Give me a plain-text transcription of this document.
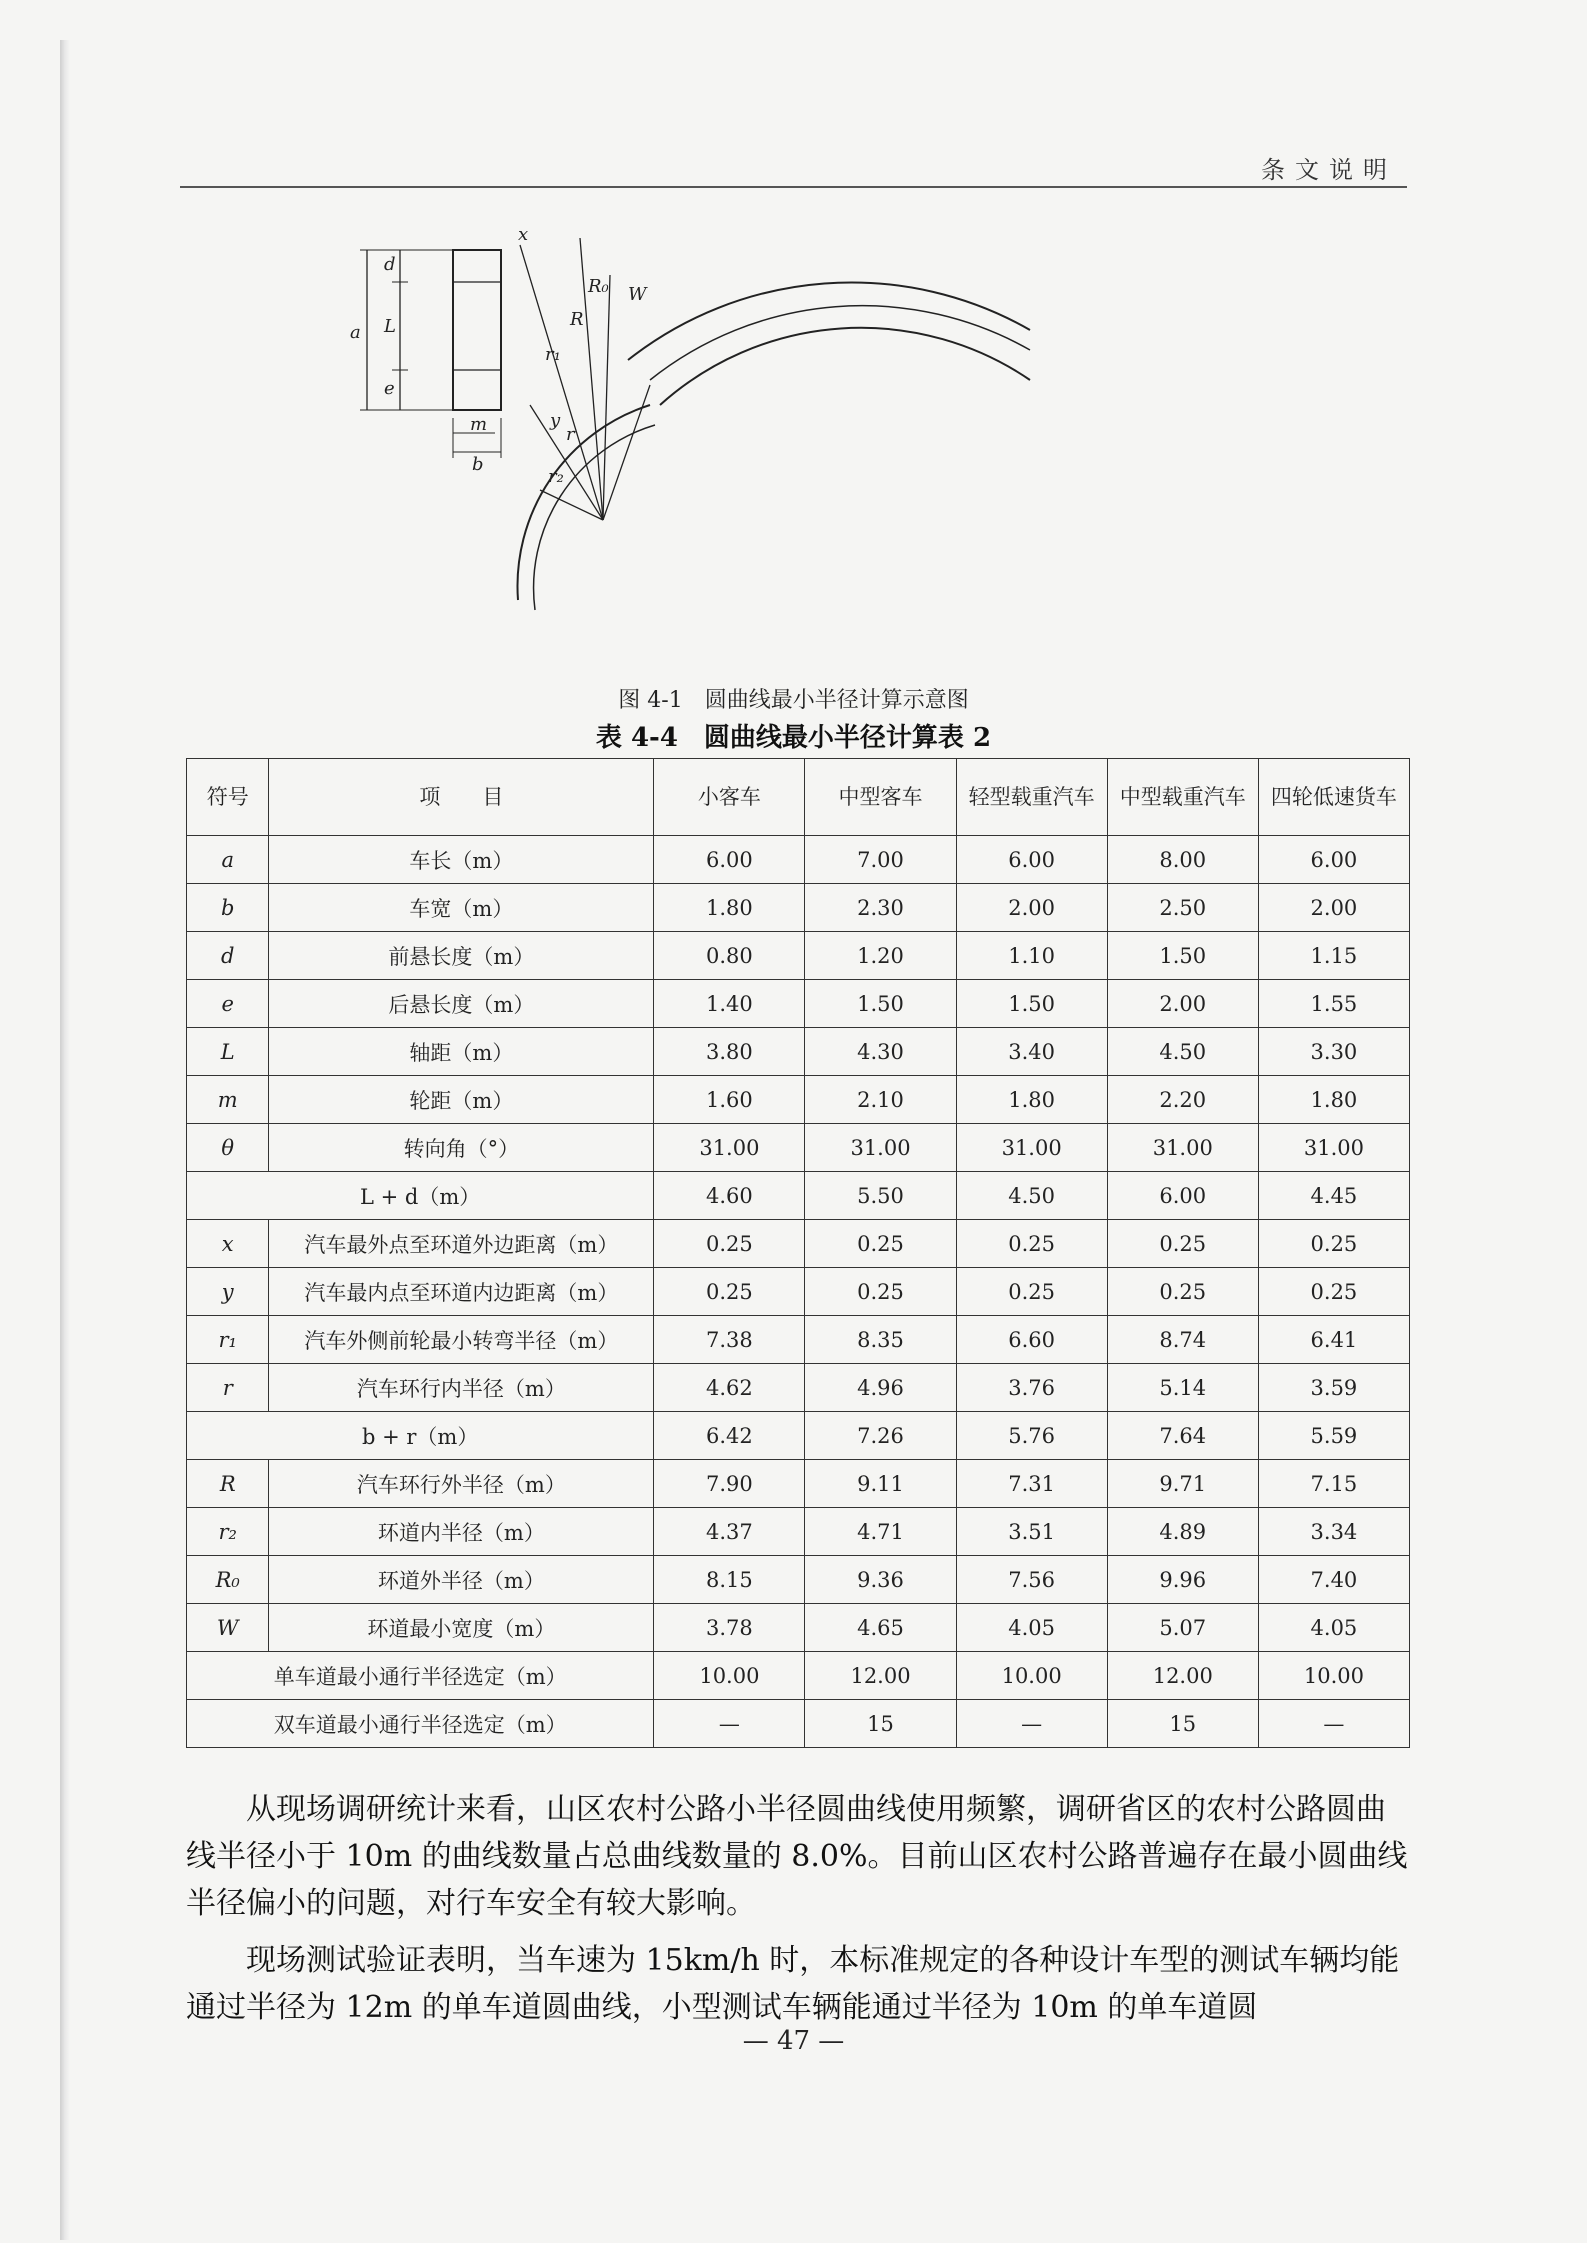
条文说明
x
W
R₀
R
r₁
y
r
r₂
a
d
L
e
m
b
图 4-1　圆曲线最小半径计算示意图
表 4-4　圆曲线最小半径计算表 2
符号	项　　目	小客车	中型客车	轻型载重汽车	中型载重汽车	四轮低速货车
a	车长（m）	6.00	7.00	6.00	8.00	6.00
b	车宽（m）	1.80	2.30	2.00	2.50	2.00
d	前悬长度（m）	0.80	1.20	1.10	1.50	1.15
e	后悬长度（m）	1.40	1.50	1.50	2.00	1.55
L	轴距（m）	3.80	4.30	3.40	4.50	3.30
m	轮距（m）	1.60	2.10	1.80	2.20	1.80
θ	转向角（°）	31.00	31.00	31.00	31.00	31.00
L + d（m）		4.60	5.50	4.50	6.00	4.45
x	汽车最外点至环道外边距离（m）	0.25	0.25	0.25	0.25	0.25
y	汽车最内点至环道内边距离（m）	0.25	0.25	0.25	0.25	0.25
r₁	汽车外侧前轮最小转弯半径（m）	7.38	8.35	6.60	8.74	6.41
r	汽车环行内半径（m）	4.62	4.96	3.76	5.14	3.59
b + r（m）		6.42	7.26	5.76	7.64	5.59
R	汽车环行外半径（m）	7.90	9.11	7.31	9.71	7.15
r₂	环道内半径（m）	4.37	4.71	3.51	4.89	3.34
R₀	环道外半径（m）	8.15	9.36	7.56	9.96	7.40
W	环道最小宽度（m）	3.78	4.65	4.05	5.07	4.05
单车道最小通行半径选定（m）		10.00	12.00	10.00	12.00	10.00
双车道最小通行半径选定（m）		—	15	—	15	—

从现场调研统计来看，山区农村公路小半径圆曲线使用频繁，调研省区的农村公路圆曲线半径小于 10m 的曲线数量占总曲线数量的 8.0%。目前山区农村公路普遍存在最小圆曲线半径偏小的问题，对行车安全有较大影响。

现场测试验证表明，当车速为 15km/h 时，本标准规定的各种设计车型的测试车辆均能通过半径为 12m 的单车道圆曲线，小型测试车辆能通过半径为 10m 的单车道圆

— 47 —
